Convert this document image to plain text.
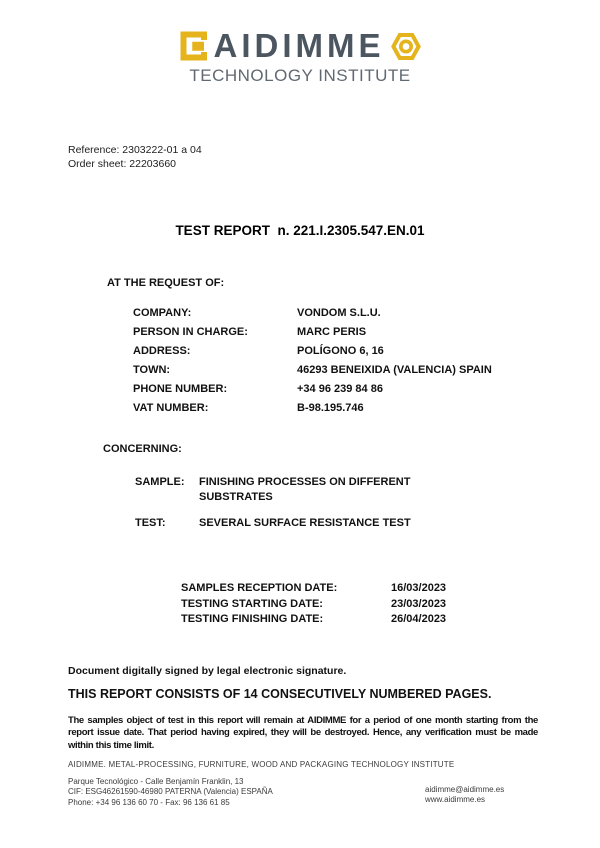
AIDIMME
TECHNOLOGY INSTITUTE
Reference: 2303222-01 a 04
Order sheet: 22203660
TEST REPORT  n. 221.I.2305.547.EN.01
AT THE REQUEST OF:
COMPANY:	VONDOM S.L.U.
PERSON IN CHARGE:	MARC PERIS
ADDRESS:	POLÍGONO 6, 16
TOWN:	46293 BENEIXIDA (VALENCIA) SPAIN
PHONE NUMBER:	+34 96 239 84 86
VAT NUMBER:	B-98.195.746
CONCERNING:
SAMPLE:	FINISHING PROCESSES ON DIFFERENT SUBSTRATES
TEST:	SEVERAL SURFACE RESISTANCE TEST
SAMPLES RECEPTION DATE:	16/03/2023
TESTING STARTING DATE:	23/03/2023
TESTING FINISHING DATE:	26/04/2023
Document digitally signed by legal electronic signature.
THIS REPORT CONSISTS OF 14 CONSECUTIVELY NUMBERED PAGES.
The samples object of test in this report will remain at AIDIMME for a period of one month starting from the report issue date. That period having expired, they will be destroyed. Hence, any verification must be made within this time limit.
AIDIMME. METAL-PROCESSING, FURNITURE, WOOD AND PACKAGING TECHNOLOGY INSTITUTE
Parque Tecnológico - Calle Benjamín Franklin, 13
CIF: ESG46261590-46980 PATERNA (Valencia) ESPAÑA
Phone: +34 96 136 60 70 - Fax: 96 136 61 85
aidimme@aidimme.es
www.aidimme.es
